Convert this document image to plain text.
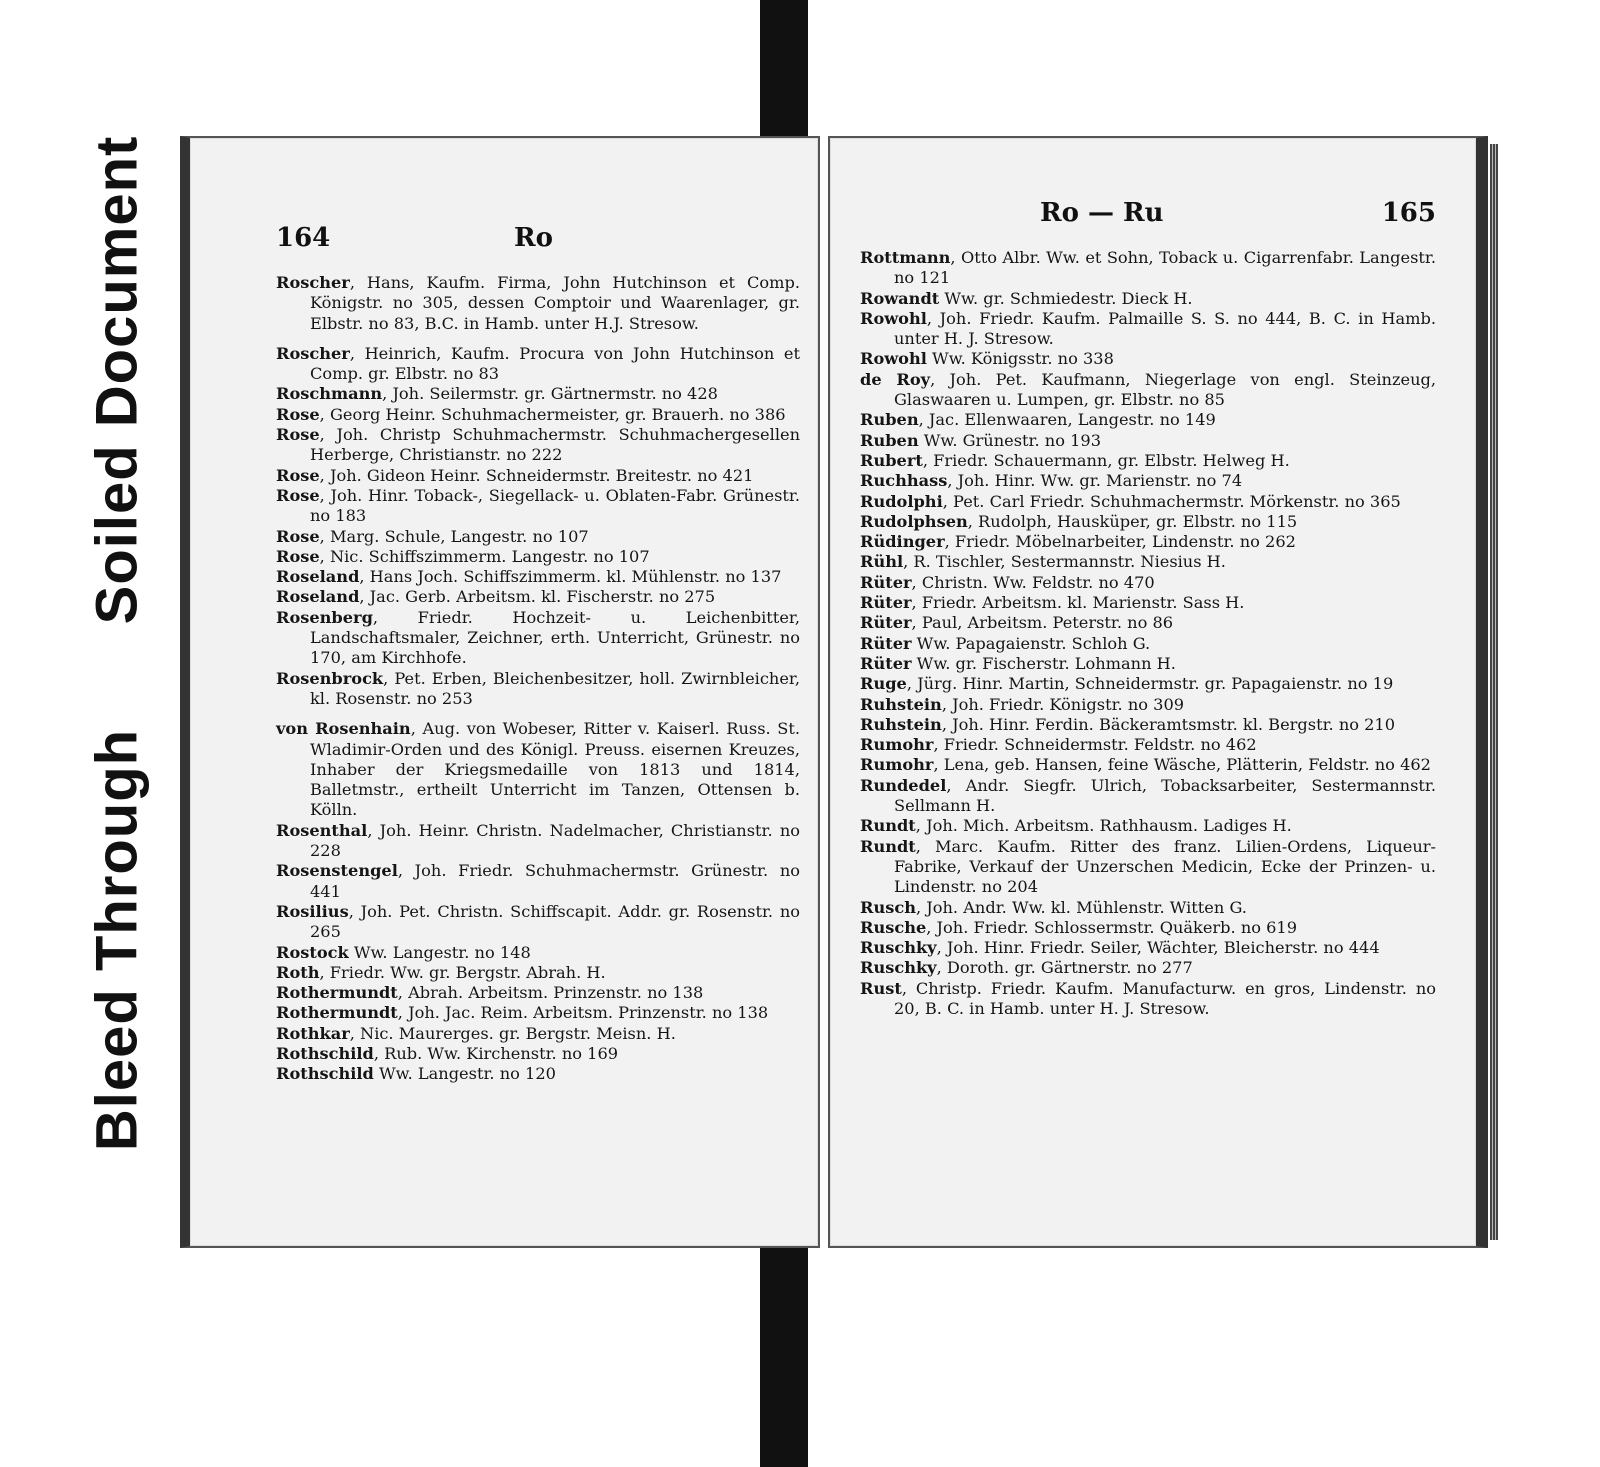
Soiled Document
Bleed Through
164	Ro

Roscher, Hans, Kaufm. Firma, John Hutchinson et Comp. Königstr. no 305, dessen Comptoir und Waarenlager, gr. Elbstr. no 83, B.C. in Hamb. unter H.J. Stresow.

Roscher, Heinrich, Kaufm. Procura von John Hutchinson et Comp. gr. Elbstr. no 83

Roschmann, Joh. Seilermstr. gr. Gärtnermstr. no 428

Rose, Georg Heinr. Schuhmachermeister, gr. Brauerh. no 386

Rose, Joh. Christp Schuhmachermstr. Schuhmachergesellen Herberge, Christianstr. no 222

Rose, Joh. Gideon Heinr. Schneidermstr. Breitestr. no 421

Rose, Joh. Hinr. Toback-, Siegellack- u. Oblaten-Fabr. Grünestr. no 183

Rose, Marg. Schule, Langestr. no 107

Rose, Nic. Schiffszimmerm. Langestr. no 107

Roseland, Hans Joch. Schiffszimmerm. kl. Mühlenstr. no 137

Roseland, Jac. Gerb. Arbeitsm. kl. Fischerstr. no 275

Rosenberg, Friedr. Hochzeit- u. Leichenbitter, Landschaftsmaler, Zeichner, erth. Unterricht, Grünestr. no 170, am Kirchhofe.

Rosenbrock, Pet. Erben, Bleichenbesitzer, holl. Zwirnbleicher, kl. Rosenstr. no 253

von Rosenhain, Aug. von Wobeser, Ritter v. Kaiserl. Russ. St. Wladimir-Orden und des Königl. Preuss. eisernen Kreuzes, Inhaber der Kriegsmedaille von 1813 und 1814, Balletmstr., ertheilt Unterricht im Tanzen, Ottensen b. Kölln.

Rosenthal, Joh. Heinr. Christn. Nadelmacher, Christianstr. no 228

Rosenstengel, Joh. Friedr. Schuhmachermstr. Grünestr. no 441

Rosilius, Joh. Pet. Christn. Schiffscapit. Addr. gr. Rosenstr. no 265

Rostock Ww. Langestr. no 148

Roth, Friedr. Ww. gr. Bergstr. Abrah. H.

Rothermundt, Abrah. Arbeitsm. Prinzenstr. no 138

Rothermundt, Joh. Jac. Reim. Arbeitsm. Prinzenstr. no 138

Rothkar, Nic. Maurerges. gr. Bergstr. Meisn. H.

Rothschild, Rub. Ww. Kirchenstr. no 169

Rothschild Ww. Langestr. no 120

Ro — Ru	165

Rottmann, Otto Albr. Ww. et Sohn, Toback u. Cigarrenfabr. Langestr. no 121

Rowandt Ww. gr. Schmiedestr. Dieck H.

Rowohl, Joh. Friedr. Kaufm. Palmaille S. S. no 444, B. C. in Hamb. unter H. J. Stresow.

Rowohl Ww. Königsstr. no 338

de Roy, Joh. Pet. Kaufmann, Niegerlage von engl. Steinzeug, Glaswaaren u. Lumpen, gr. Elbstr. no 85

Ruben, Jac. Ellenwaaren, Langestr. no 149

Ruben Ww. Grünestr. no 193

Rubert, Friedr. Schauermann, gr. Elbstr. Helweg H.

Ruchhass, Joh. Hinr. Ww. gr. Marienstr. no 74

Rudolphi, Pet. Carl Friedr. Schuhmachermstr. Mörkenstr. no 365

Rudolphsen, Rudolph, Hausküper, gr. Elbstr. no 115

Rüdinger, Friedr. Möbelnarbeiter, Lindenstr. no 262

Rühl, R. Tischler, Sestermannstr. Niesius H.

Rüter, Christn. Ww. Feldstr. no 470

Rüter, Friedr. Arbeitsm. kl. Marienstr. Sass H.

Rüter, Paul, Arbeitsm. Peterstr. no 86

Rüter Ww. Papagaienstr. Schloh G.

Rüter Ww. gr. Fischerstr. Lohmann H.

Ruge, Jürg. Hinr. Martin, Schneidermstr. gr. Papagaienstr. no 19

Ruhstein, Joh. Friedr. Königstr. no 309

Ruhstein, Joh. Hinr. Ferdin. Bäckeramtsmstr. kl. Bergstr. no 210

Rumohr, Friedr. Schneidermstr. Feldstr. no 462

Rumohr, Lena, geb. Hansen, feine Wäsche, Plätterin, Feldstr. no 462

Rundedel, Andr. Siegfr. Ulrich, Tobacksarbeiter, Sestermannstr. Sellmann H.

Rundt, Joh. Mich. Arbeitsm. Rathhausm. Ladiges H.

Rundt, Marc. Kaufm. Ritter des franz. Lilien-Ordens, Liqueur-Fabrike, Verkauf der Unzerschen Medicin, Ecke der Prinzen- u. Lindenstr. no 204

Rusch, Joh. Andr. Ww. kl. Mühlenstr. Witten G.

Rusche, Joh. Friedr. Schlossermstr. Quäkerb. no 619

Ruschky, Joh. Hinr. Friedr. Seiler, Wächter, Bleicherstr. no 444

Ruschky, Doroth. gr. Gärtnerstr. no 277

Rust, Christp. Friedr. Kaufm. Manufacturw. en gros, Lindenstr. no 20, B. C. in Hamb. unter H. J. Stresow.
